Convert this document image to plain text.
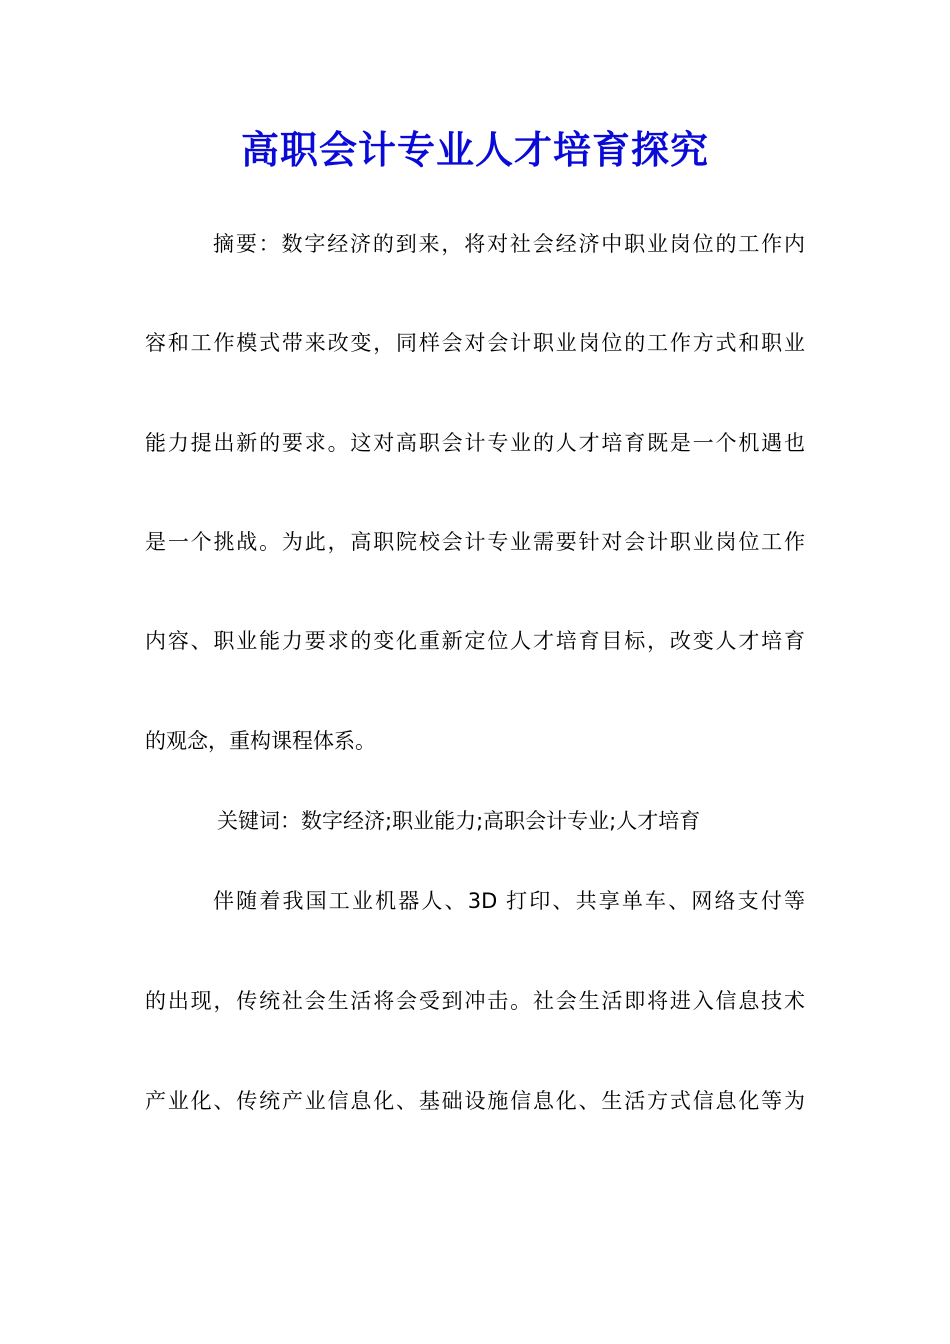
高职会计专业人才培育探究
摘要：数字经济的到来，将对社会经济中职业岗位的工作内
容和工作模式带来改变，同样会对会计职业岗位的工作方式和职业
能力提出新的要求。这对高职会计专业的人才培育既是一个机遇也
是一个挑战。为此，高职院校会计专业需要针对会计职业岗位工作
内容、职业能力要求的变化重新定位人才培育目标，改变人才培育
的观念，重构课程体系。
关键词：数字经济;职业能力;高职会计专业;人才培育
伴随着我国工业机器人、3D 打印、共享单车、网络支付等
的出现，传统社会生活将会受到冲击。社会生活即将进入信息技术
产业化、传统产业信息化、基础设施信息化、生活方式信息化等为
